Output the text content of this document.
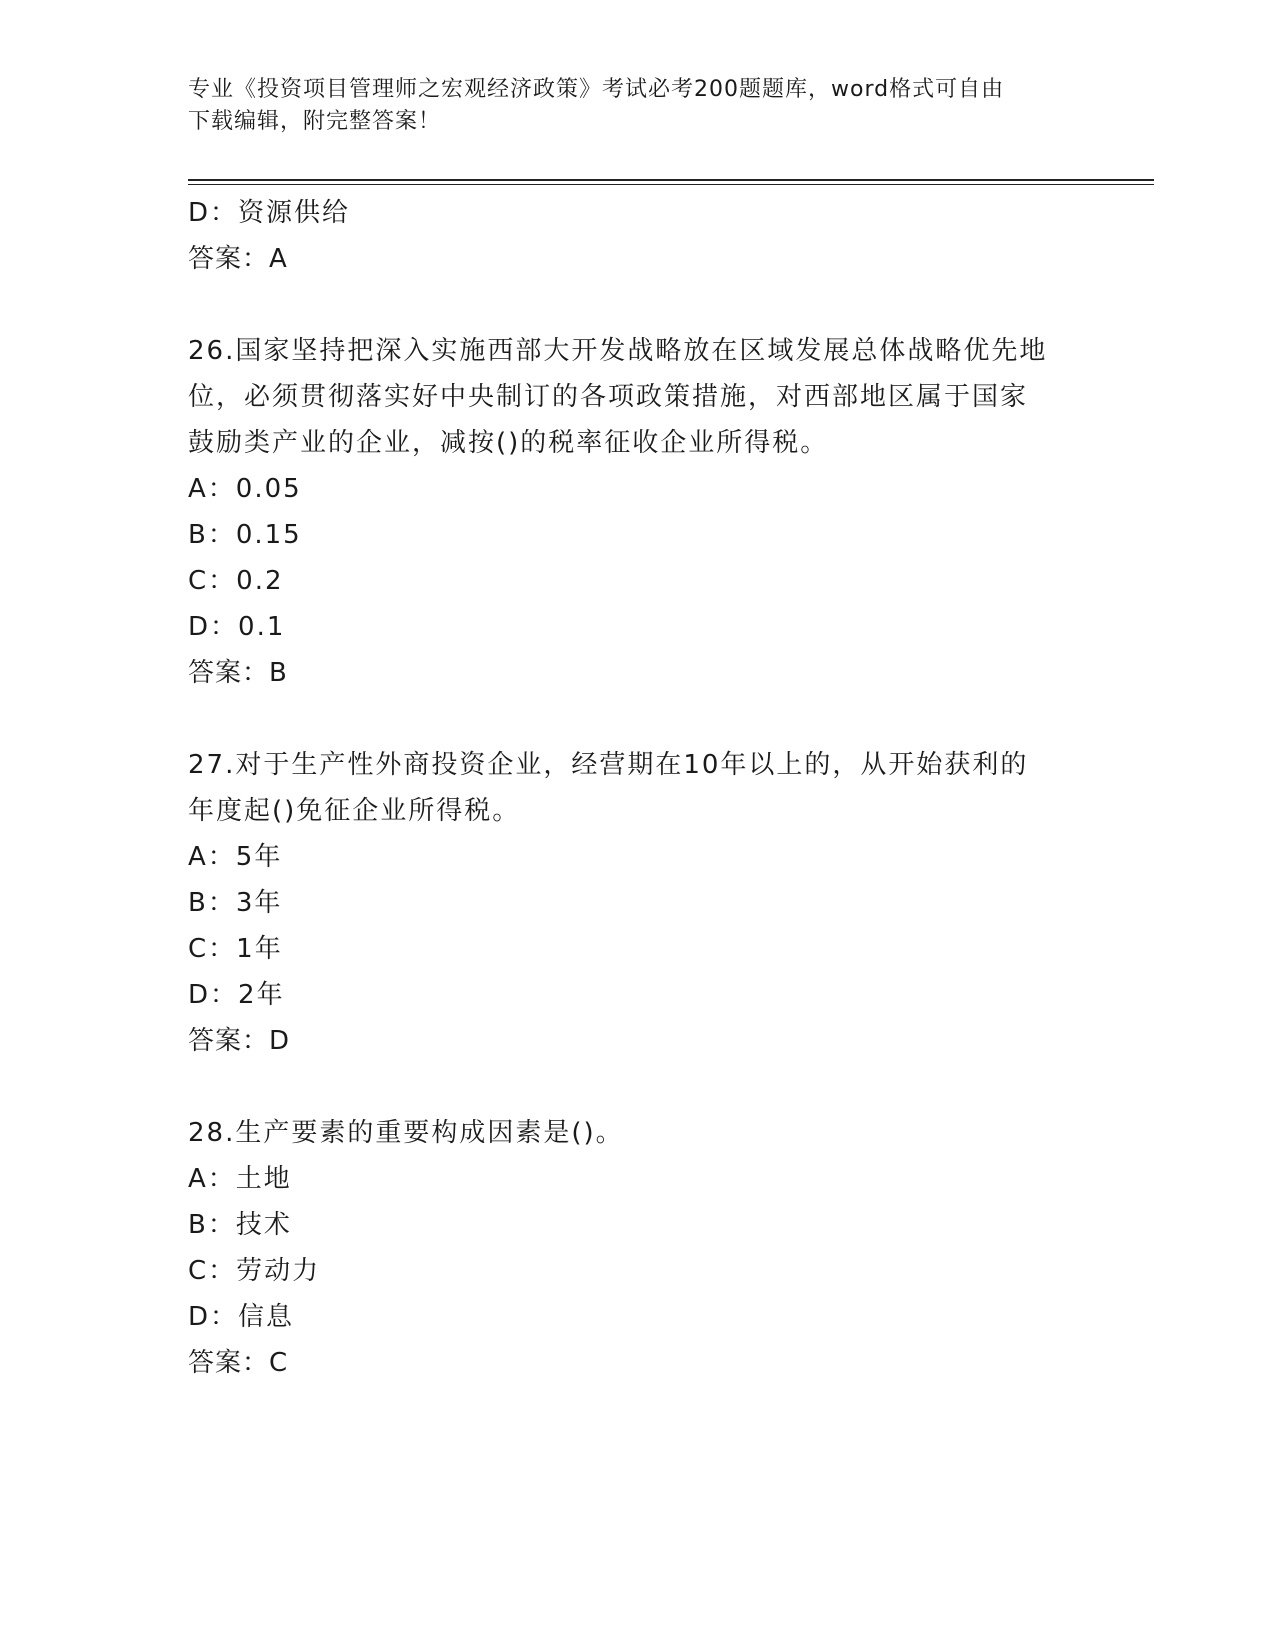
专业《投资项目管理师之宏观经济政策》考试必考200题题库，word格式可自由
下载编辑，附完整答案！

D：资源供给

答案：A

26.国家坚持把深入实施西部大开发战略放在区域发展总体战略优先地

位，必须贯彻落实好中央制订的各项政策措施，对西部地区属于国家

鼓励类产业的企业，减按()的税率征收企业所得税。

A：0.05

B：0.15

C：0.2

D：0.1

答案：B

27.对于生产性外商投资企业，经营期在10年以上的，从开始获利的

年度起()免征企业所得税。

A：5年

B：3年

C：1年

D：2年

答案：D

28.生产要素的重要构成因素是()。

A：土地

B：技术

C：劳动力

D：信息

答案：C
